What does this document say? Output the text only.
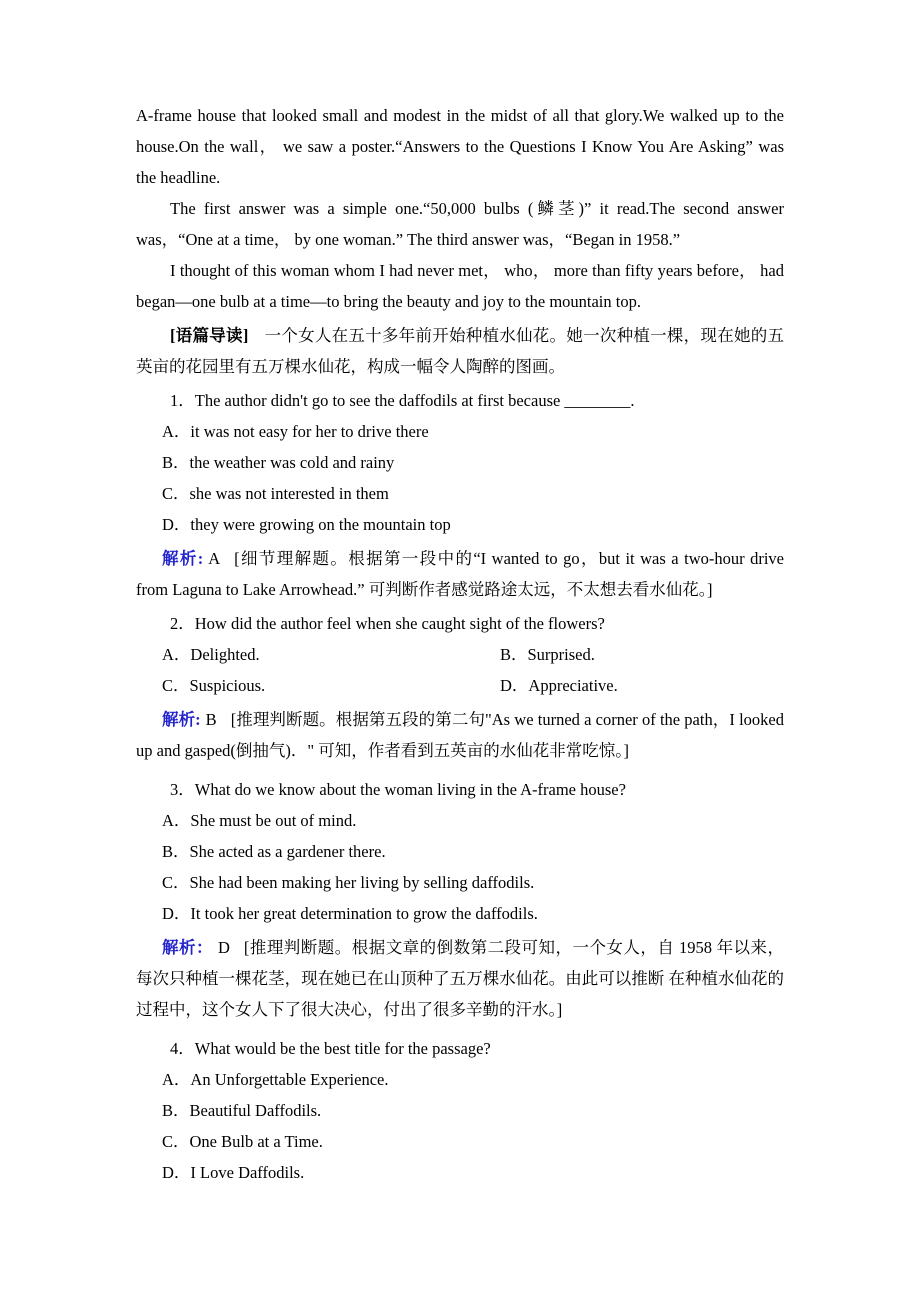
A-frame house that looked small and modest in the midst of all that glory.We walked up to the house.On the wall， we saw a poster.“Answers to the Questions I Know You Are Asking” was the headline.

The first answer was a simple one.“50,000 bulbs (鳞茎)” it read.The second answer was，“One at a time， by one woman.” The third answer was，“Began in 1958.”

I thought of this woman whom I had never met， who， more than fifty years before， had began—one bulb at a time—to bring the beauty and joy to the mountain top.

[语篇导读] 一个女人在五十多年前开始种植水仙花。她一次种植一棵，现在她的五英亩的花园里有五万棵水仙花，构成一幅令人陶醉的图画。

1．The author didn't go to see the daffodils at first because ________.

A．it was not easy for her to drive there

B．the weather was cold and rainy

C．she was not interested in them

D．they were growing on the mountain top

解析: A [细节理解题。根据第一段中的“I wanted to go，but it was a two-hour drive from Laguna to Lake Arrowhead.” 可判断作者感觉路途太远，不太想去看水仙花。]

2．How did the author feel when she caught sight of the flowers?

A．Delighted.	B．Surprised.
C．Suspicious.	D．Appreciative.

解析: B [推理判断题。根据第五段的第二句"As we turned a corner of the path，I looked up and gasped(倒抽气)．" 可知，作者看到五英亩的水仙花非常吃惊。]

3．What do we know about the woman living in the A-frame house?

A．She must be out of mind.

B．She acted as a gardener there.

C．She had been making her living by selling daffodils.

D．It took her great determination to grow the daffodils.

解析： D [推理判断题。根据文章的倒数第二段可知，一个女人，自 1958 年以来，每次只种植一棵花茎，现在她已在山顶种了五万棵水仙花。由此可以推断 在种植水仙花的过程中，这个女人下了很大决心，付出了很多辛勤的汗水。]

4．What would be the best title for the passage?

A．An Unforgettable Experience.

B．Beautiful Daffodils.

C．One Bulb at a Time.

D．I Love Daffodils.
